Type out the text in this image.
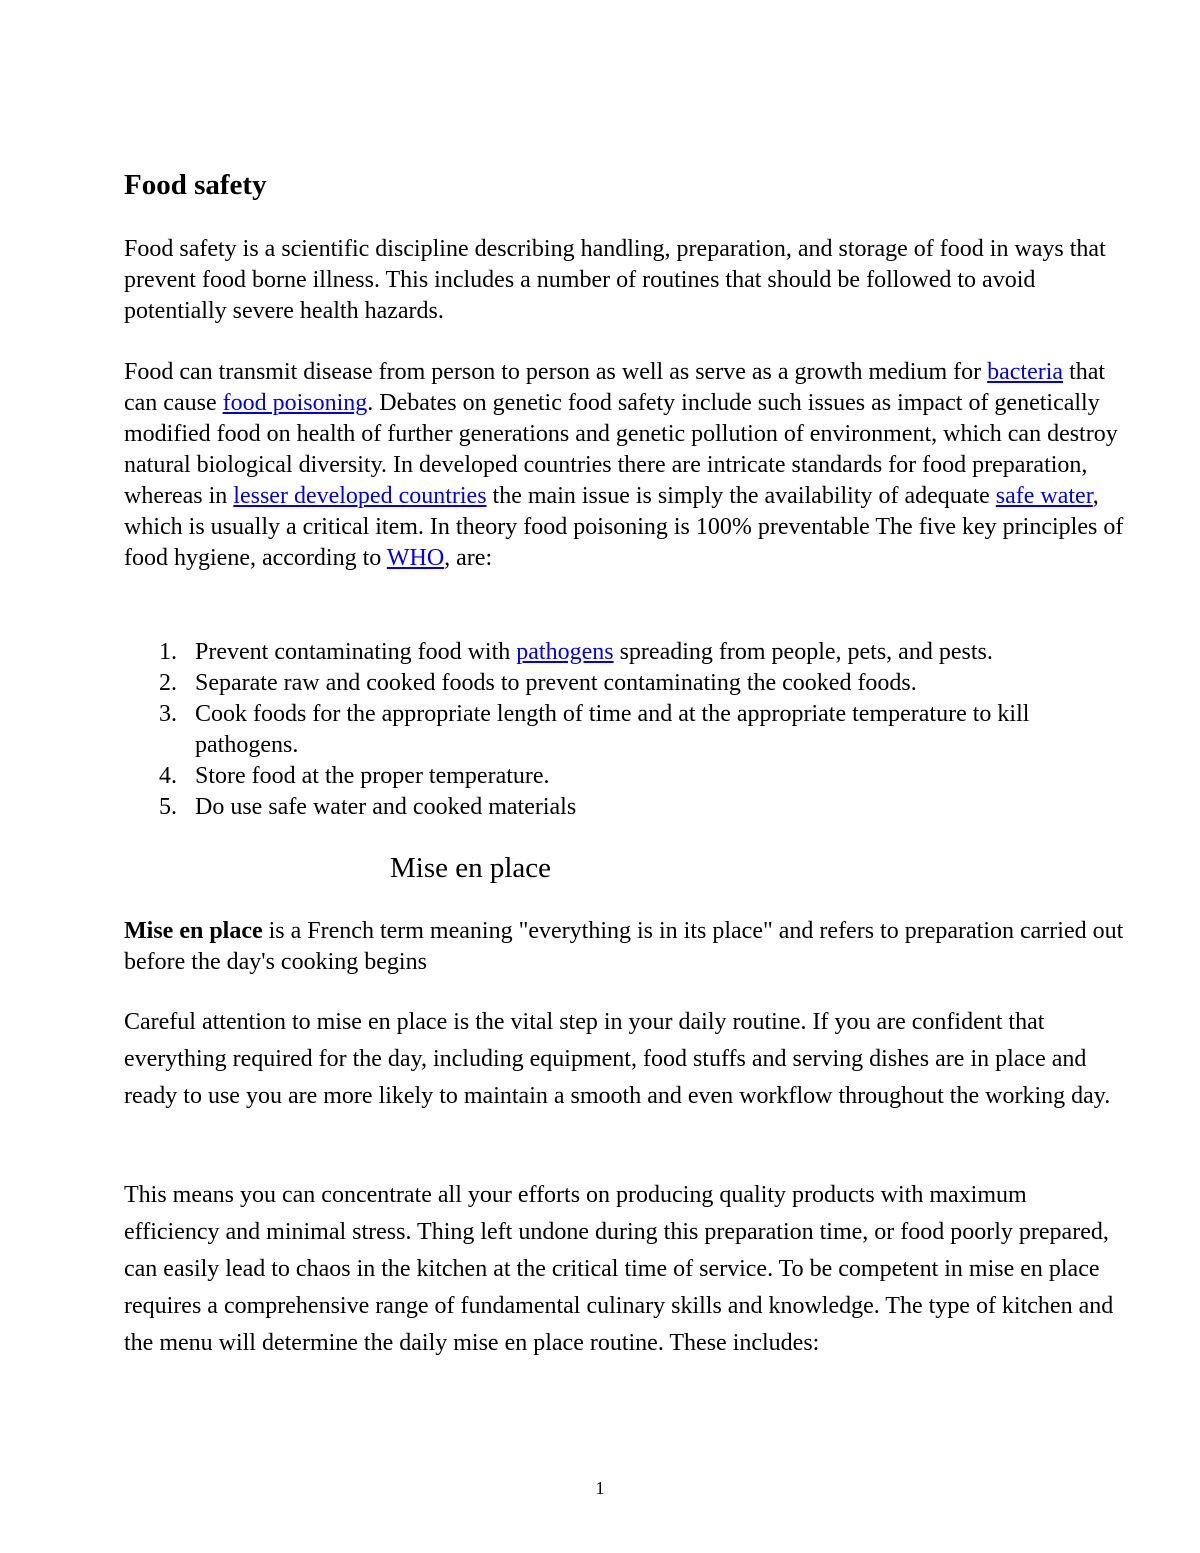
Food safety

Food safety is a scientific discipline describing handling, preparation, and storage of food in ways that prevent food borne illness. This includes a number of routines that should be followed to avoid potentially severe health hazards.

Food can transmit disease from person to person as well as serve as a growth medium for bacteria that can cause food poisoning. Debates on genetic food safety include such issues as impact of genetically modified food on health of further generations and genetic pollution of environment, which can destroy natural biological diversity. In developed countries there are intricate standards for food preparation, whereas in lesser developed countries the main issue is simply the availability of adequate safe water, which is usually a critical item. In theory food poisoning is 100% preventable The five key principles of food hygiene, according to WHO, are:

1. Prevent contaminating food with pathogens spreading from people, pets, and pests.
2. Separate raw and cooked foods to prevent contaminating the cooked foods.
3. Cook foods for the appropriate length of time and at the appropriate temperature to kill pathogens.
4. Store food at the proper temperature.
5. Do use safe water and cooked materials
Mise en place

Mise en place is a French term meaning "everything is in its place" and refers to preparation carried out before the day's cooking begins

Careful attention to mise en place is the vital step in your daily routine. If you are confident that everything required for the day, including equipment, food stuffs and serving dishes are in place and ready to use you are more likely to maintain a smooth and even workflow throughout the working day.

This means you can concentrate all your efforts on producing quality products with maximum efficiency and minimal stress. Thing left undone during this preparation time, or food poorly prepared, can easily lead to chaos in the kitchen at the critical time of service. To be competent in mise en place requires a comprehensive range of fundamental culinary skills and knowledge. The type of kitchen and the menu will determine the daily mise en place routine. These includes:

1
